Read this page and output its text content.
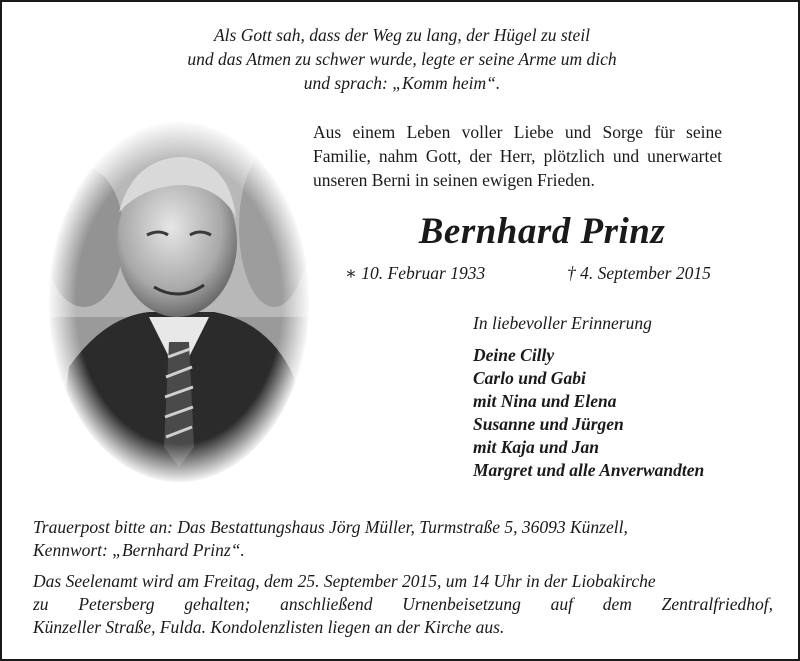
Als Gott sah, dass der Weg zu lang, der Hügel zu steil
und das Atmen zu schwer wurde, legte er seine Arme um dich
und sprach: „Komm heim“.
Aus einem Leben voller Liebe und Sorge für seine
Familie, nahm Gott, der Herr, plötzlich und unerwartet
unseren Berni in seinen ewigen Frieden.
Bernhard Prinz
∗ 10. Februar 1933	† 4. September 2015
In liebevoller Erinnerung
Deine Cilly
Carlo und Gabi
mit Nina und Elena
Susanne und Jürgen
mit Kaja und Jan
Margret und alle Anverwandten
Trauerpost bitte an: Das Bestattungshaus Jörg Müller, Turmstraße 5, 36093 Künzell,
Kennwort: „Bernhard Prinz“.
Das Seelenamt wird am Freitag, dem 25. September 2015, um 14 Uhr in der Liobakirche
zu Petersberg gehalten; anschließend Urnenbeisetzung auf dem Zentralfriedhof,
Künzeller Straße, Fulda. Kondolenzlisten liegen an der Kirche aus.
